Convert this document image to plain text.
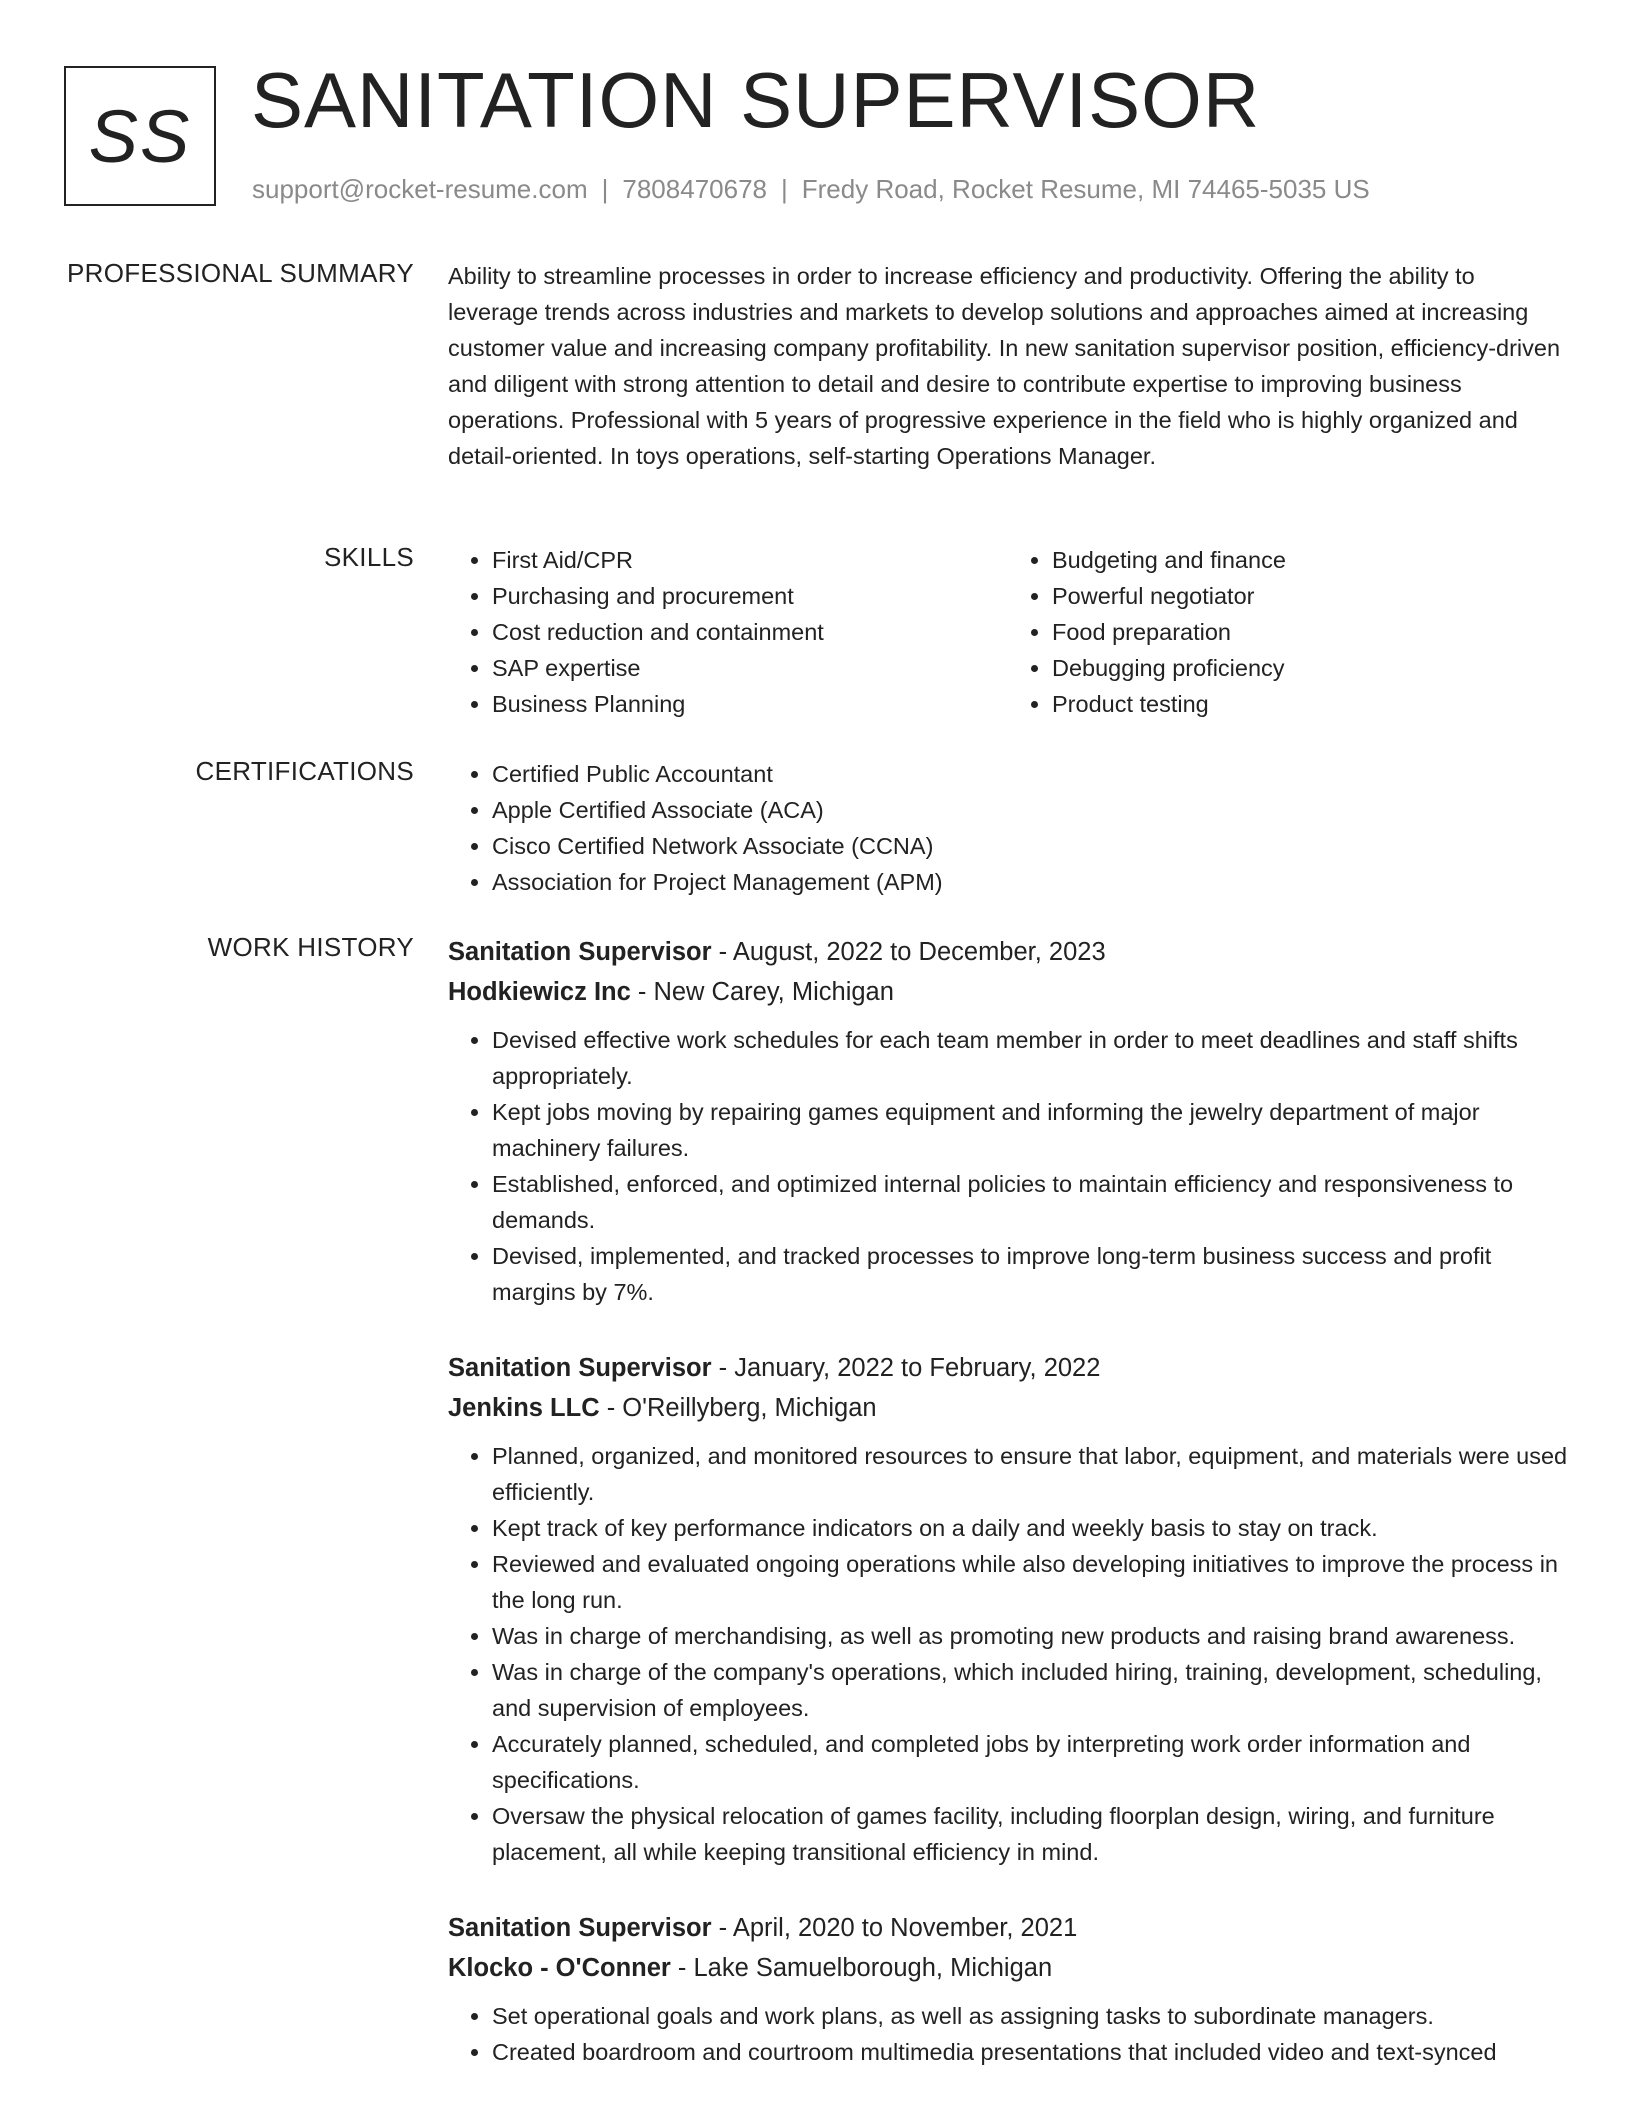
SS SANITATION SUPERVISOR
support@rocket-resume.com | 7808470678 | Fredy Road, Rocket Resume, MI 74465-5035 US
PROFESSIONAL SUMMARY Ability to streamline processes in order to increase efficiency and productivity. Offering the ability to leverage trends across industries and markets to develop solutions and approaches aimed at increasing customer value and increasing company profitability. In new sanitation supervisor position, efficiency-driven and diligent with strong attention to detail and desire to contribute expertise to improving business operations. Professional with 5 years of progressive experience in the field who is highly organized and detail-oriented. In toys operations, self-starting Operations Manager.

SKILLS	• First Aid/CPR
• Purchasing and procurement
• Cost reduction and containment
• SAP expertise
• Business Planning
• Budgeting and finance
• Powerful negotiator
• Food preparation
• Debugging proficiency
• Product testing
CERTIFICATIONS	• Certified Public Accountant
• Apple Certified Associate (ACA)
• Cisco Certified Network Associate (CCNA)
• Association for Project Management (APM)
WORK HISTORY Sanitation Supervisor - August, 2022 to December, 2023
Hodkiewicz Inc - New Carey, Michigan
• Devised effective work schedules for each team member in order to meet deadlines and staff shifts appropriately.
• Kept jobs moving by repairing games equipment and informing the jewelry department of major machinery failures.
• Established, enforced, and optimized internal policies to maintain efficiency and responsiveness to demands.
• Devised, implemented, and tracked processes to improve long-term business success and profit margins by 7%.
Sanitation Supervisor - January, 2022 to February, 2022
Jenkins LLC - O'Reillyberg, Michigan
• Planned, organized, and monitored resources to ensure that labor, equipment, and materials were used efficiently.
• Kept track of key performance indicators on a daily and weekly basis to stay on track.
• Reviewed and evaluated ongoing operations while also developing initiatives to improve the process in the long run.
• Was in charge of merchandising, as well as promoting new products and raising brand awareness.
• Was in charge of the company's operations, which included hiring, training, development, scheduling, and supervision of employees.
• Accurately planned, scheduled, and completed jobs by interpreting work order information and specifications.
• Oversaw the physical relocation of games facility, including floorplan design, wiring, and furniture placement, all while keeping transitional efficiency in mind.
Sanitation Supervisor - April, 2020 to November, 2021
Klocko - O'Conner - Lake Samuelborough, Michigan
• Set operational goals and work plans, as well as assigning tasks to subordinate managers.
• Created boardroom and courtroom multimedia presentations that included video and text-synced
